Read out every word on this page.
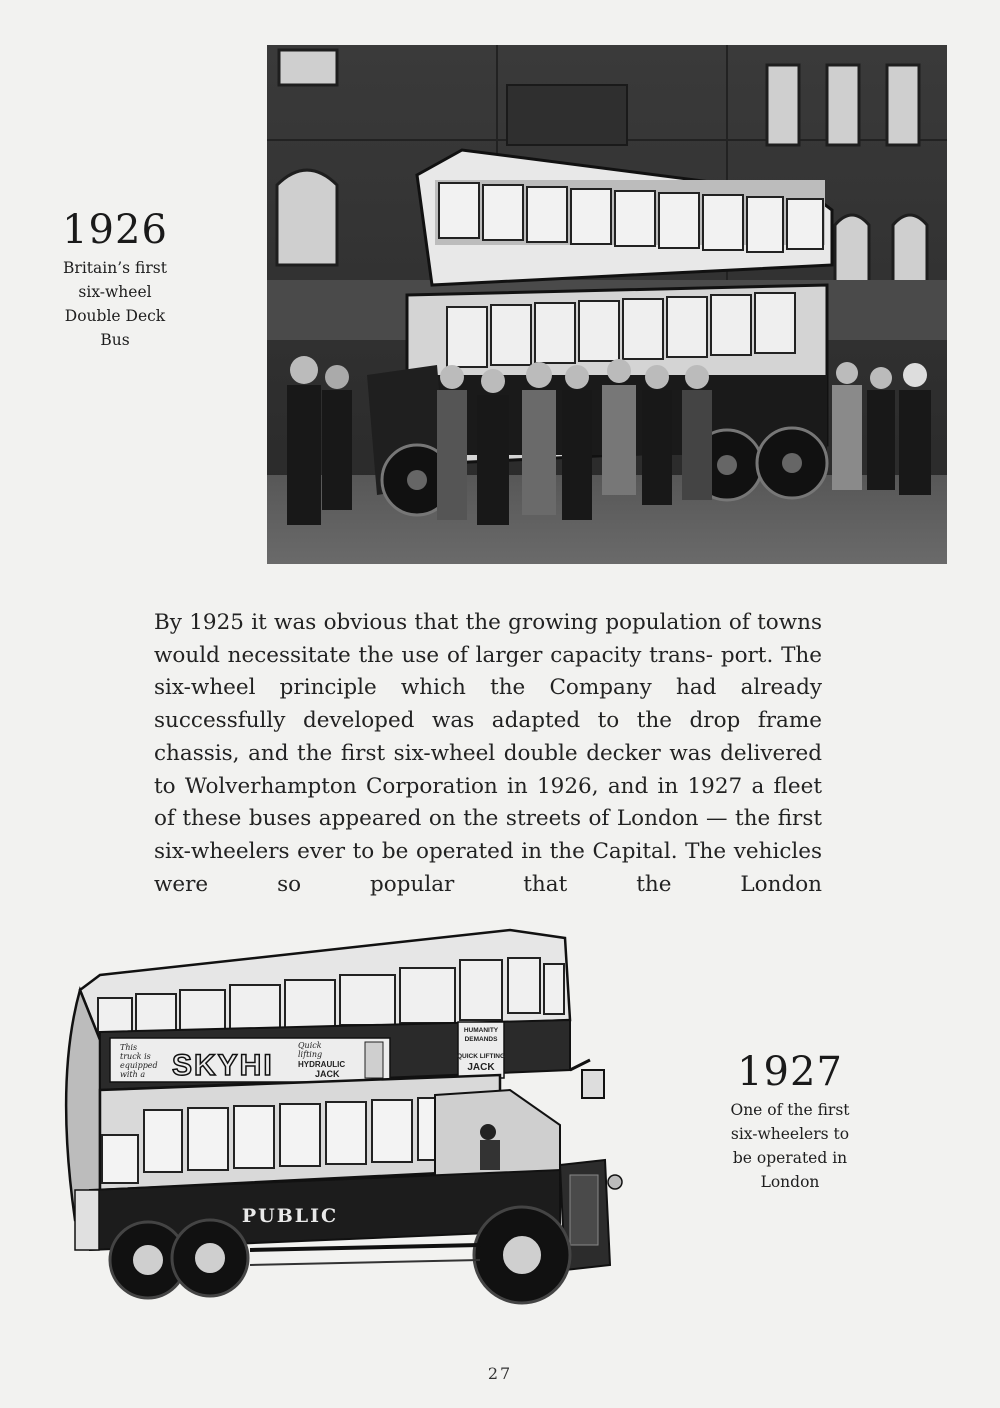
1926
Britain’s first
six-wheel
Double Deck
Bus
By 1925 it was obvious that the growing population of towns would necessitate the use of larger capacity trans- port. The six-wheel principle which the Company had already successfully developed was adapted to the drop frame chassis, and the first six-wheel double decker was delivered to Wolverhampton Corporation in 1926, and in 1927 a fleet of these buses appeared on the streets of London — the first six-wheelers ever to be operated in the Capital. The vehicles were so popular that the London
This
truck is
equipped
with a SKYHI
Quick
lifting
HYDRAULIC
JACK
HUMANITY
DEMANDS
QUICK LIFTING
JACK
PUBLIC
1927
One of the first
six-wheelers to
be operated in
London
27
